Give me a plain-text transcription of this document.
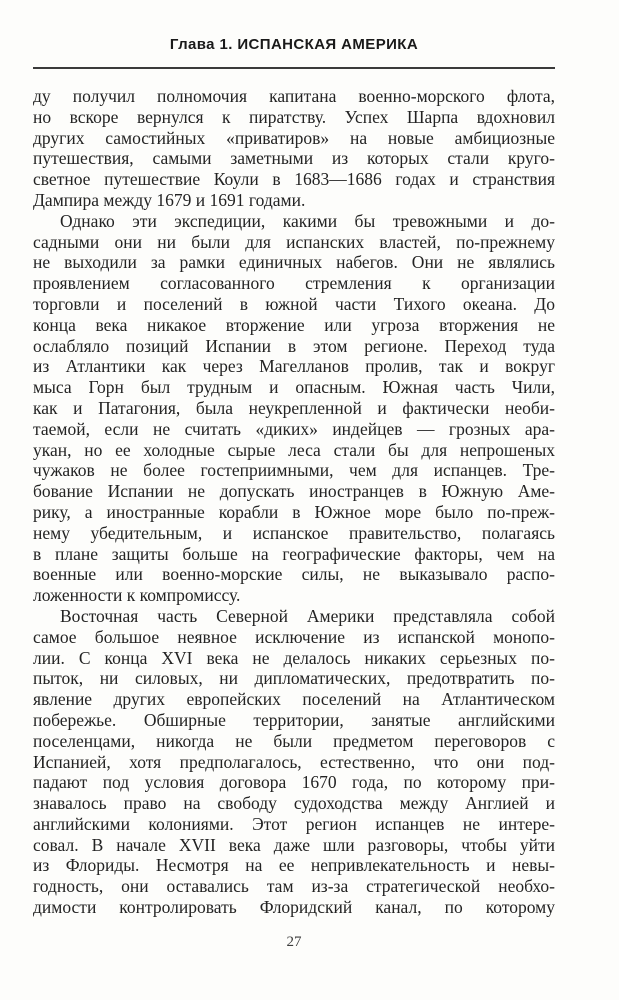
Глава 1. ИСПАНСКАЯ АМЕРИКА
ду получил полномочия капитана военно-морского флота,
но вскоре вернулся к пиратству. Успех Шарпа вдохновил
других самостийных «приватиров» на новые амбициозные
путешествия, самыми заметными из которых стали круго-
светное путешествие Коули в 1683—1686 годах и странствия
Дампира между 1679 и 1691 годами.
Однако эти экспедиции, какими бы тревожными и до-
садными они ни были для испанских властей, по-прежнему
не выходили за рамки единичных набегов. Они не являлись
проявлением согласованного стремления к организации
торговли и поселений в южной части Тихого океана. До
конца века никакое вторжение или угроза вторжения не
ослабляло позиций Испании в этом регионе. Переход туда
из Атлантики как через Магелланов пролив, так и вокруг
мыса Горн был трудным и опасным. Южная часть Чили,
как и Патагония, была неукрепленной и фактически необи-
таемой, если не считать «диких» индейцев — грозных ара-
укан, но ее холодные сырые леса стали бы для непрошеных
чужаков не более гостеприимными, чем для испанцев. Тре-
бование Испании не допускать иностранцев в Южную Аме-
рику, а иностранные корабли в Южное море было по-преж-
нему убедительным, и испанское правительство, полагаясь
в плане защиты больше на географические факторы, чем на
военные или военно-морские силы, не выказывало распо-
ложенности к компромиссу.
Восточная часть Северной Америки представляла собой
самое большое неявное исключение из испанской монопо-
лии. С конца XVI века не делалось никаких серьезных по-
пыток, ни силовых, ни дипломатических, предотвратить по-
явление других европейских поселений на Атлантическом
побережье. Обширные территории, занятые английскими
поселенцами, никогда не были предметом переговоров с
Испанией, хотя предполагалось, естественно, что они под-
падают под условия договора 1670 года, по которому при-
знавалось право на свободу судоходства между Англией и
английскими колониями. Этот регион испанцев не интере-
совал. В начале XVII века даже шли разговоры, чтобы уйти
из Флориды. Несмотря на ее непривлекательность и невы-
годность, они оставались там из-за стратегической необхо-
димости контролировать Флоридский канал, по которому
27
